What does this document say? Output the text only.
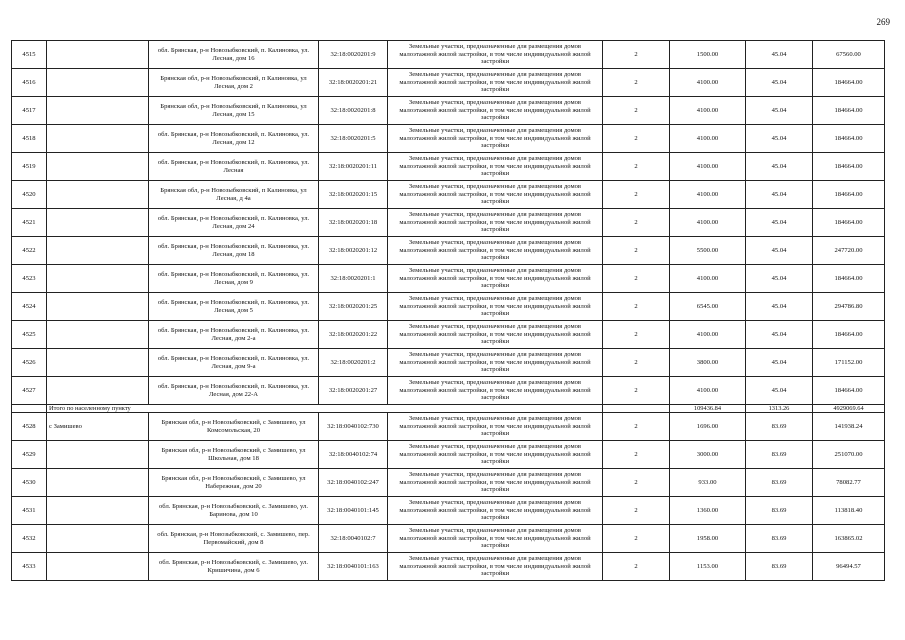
269
4515		обл. Брянская, р-н Новозыбковский, п. Калиновка, ул. Лесная, дом 16	32:18:0020201:9	Земельные участки, предназначенные для размещения домов малоэтажной жилой застройки, в том числе индивидуальной жилой застройки	2	1500.00	45.04	67560.00
4516		Брянская обл, р-н Новозыбковский, п Калиновка, ул Лесная, дом 2	32:18:0020201:21	Земельные участки, предназначенные для размещения домов малоэтажной жилой застройки, в том числе индивидуальной жилой застройки	2	4100.00	45.04	184664.00
4517		Брянская обл, р-н Новозыбковский, п Калиновка, ул Лесная, дом 15	32:18:0020201:8	Земельные участки, предназначенные для размещения домов малоэтажной жилой застройки, в том числе индивидуальной жилой застройки	2	4100.00	45.04	184664.00
4518		обл. Брянская, р-н Новозыбковский, п. Калиновка, ул. Лесная, дом 12	32:18:0020201:5	Земельные участки, предназначенные для размещения домов малоэтажной жилой застройки, в том числе индивидуальной жилой застройки	2	4100.00	45.04	184664.00
4519		обл. Брянская, р-н Новозыбковский, п. Калиновка, ул. Лесная	32:18:0020201:11	Земельные участки, предназначенные для размещения домов малоэтажной жилой застройки, в том числе индивидуальной жилой застройки	2	4100.00	45.04	184664.00
4520		Брянская обл, р-н Новозыбковский, п Калиновка, ул Лесная, д 4а	32:18:0020201:15	Земельные участки, предназначенные для размещения домов малоэтажной жилой застройки, в том числе индивидуальной жилой застройки	2	4100.00	45.04	184664.00
4521		обл. Брянская, р-н Новозыбковский, п. Калиновка, ул. Лесная, дом 24	32:18:0020201:18	Земельные участки, предназначенные для размещения домов малоэтажной жилой застройки, в том числе индивидуальной жилой застройки	2	4100.00	45.04	184664.00
4522		обл. Брянская, р-н Новозыбковский, п. Калиновка, ул. Лесная, дом 18	32:18:0020201:12	Земельные участки, предназначенные для размещения домов малоэтажной жилой застройки, в том числе индивидуальной жилой застройки	2	5500.00	45.04	247720.00
4523		обл. Брянская, р-н Новозыбковский, п. Калиновка, ул. Лесная, дом 9	32:18:0020201:1	Земельные участки, предназначенные для размещения домов малоэтажной жилой застройки, в том числе индивидуальной жилой застройки	2	4100.00	45.04	184664.00
4524		обл. Брянская, р-н Новозыбковский, п. Калиновка, ул. Лесная, дом 5	32:18:0020201:25	Земельные участки, предназначенные для размещения домов малоэтажной жилой застройки, в том числе индивидуальной жилой застройки	2	6545.00	45.04	294786.80
4525		обл. Брянская, р-н Новозыбковский, п. Калиновка, ул. Лесная, дом 2-а	32:18:0020201:22	Земельные участки, предназначенные для размещения домов малоэтажной жилой застройки, в том числе индивидуальной жилой застройки	2	4100.00	45.04	184664.00
4526		обл. Брянская, р-н Новозыбковский, п. Калиновка, ул. Лесная, дом 9-а	32:18:0020201:2	Земельные участки, предназначенные для размещения домов малоэтажной жилой застройки, в том числе индивидуальной жилой застройки	2	3800.00	45.04	171152.00
4527		обл. Брянская, р-н Новозыбковский, п. Калиновка, ул. Лесная, дом 22-А	32:18:0020201:27	Земельные участки, предназначенные для размещения домов малоэтажной жилой застройки, в том числе индивидуальной жилой застройки	2	4100.00	45.04	184664.00
	Итого по населенному пункту					109436.84	1313.26	4929069.64
4528	с Замишево	Брянская обл, р-н Новозыбковский, с Замишево, ул Комсомольская, 20	32:18:0040102:730	Земельные участки, предназначенные для размещения домов малоэтажной жилой застройки, в том числе индивидуальной жилой застройки	2	1696.00	83.69	141938.24
4529		Брянская обл, р-н Новозыбковский, с Замишево, ул Школьная, дом 18	32:18:0040102:74	Земельные участки, предназначенные для размещения домов малоэтажной жилой застройки, в том числе индивидуальной жилой застройки	2	3000.00	83.69	251070.00
4530		Брянская обл, р-н Новозыбковский, с Замишево, ул Набережная, дом 20	32:18:0040102:247	Земельные участки, предназначенные для размещения домов малоэтажной жилой застройки, в том числе индивидуальной жилой застройки	2	933.00	83.69	78082.77
4531		обл. Брянская, р-н Новозыбковский, с. Замишево, ул. Баринова, дом 10	32:18:0040101:145	Земельные участки, предназначенные для размещения домов малоэтажной жилой застройки, в том числе индивидуальной жилой застройки	2	1360.00	83.69	113818.40
4532		обл. Брянская, р-н Новозыбковский, с. Замишево, пер. Первомайский, дом 8	32:18:0040102:7	Земельные участки, предназначенные для размещения домов малоэтажной жилой застройки, в том числе индивидуальной жилой застройки	2	1958.00	83.69	163865.02
4533		обл. Брянская, р-н Новозыбковский, с. Замишево, ул. Кришичина, дом 6	32:18:0040101:163	Земельные участки, предназначенные для размещения домов малоэтажной жилой застройки, в том числе индивидуальной жилой застройки	2	1153.00	83.69	96494.57
